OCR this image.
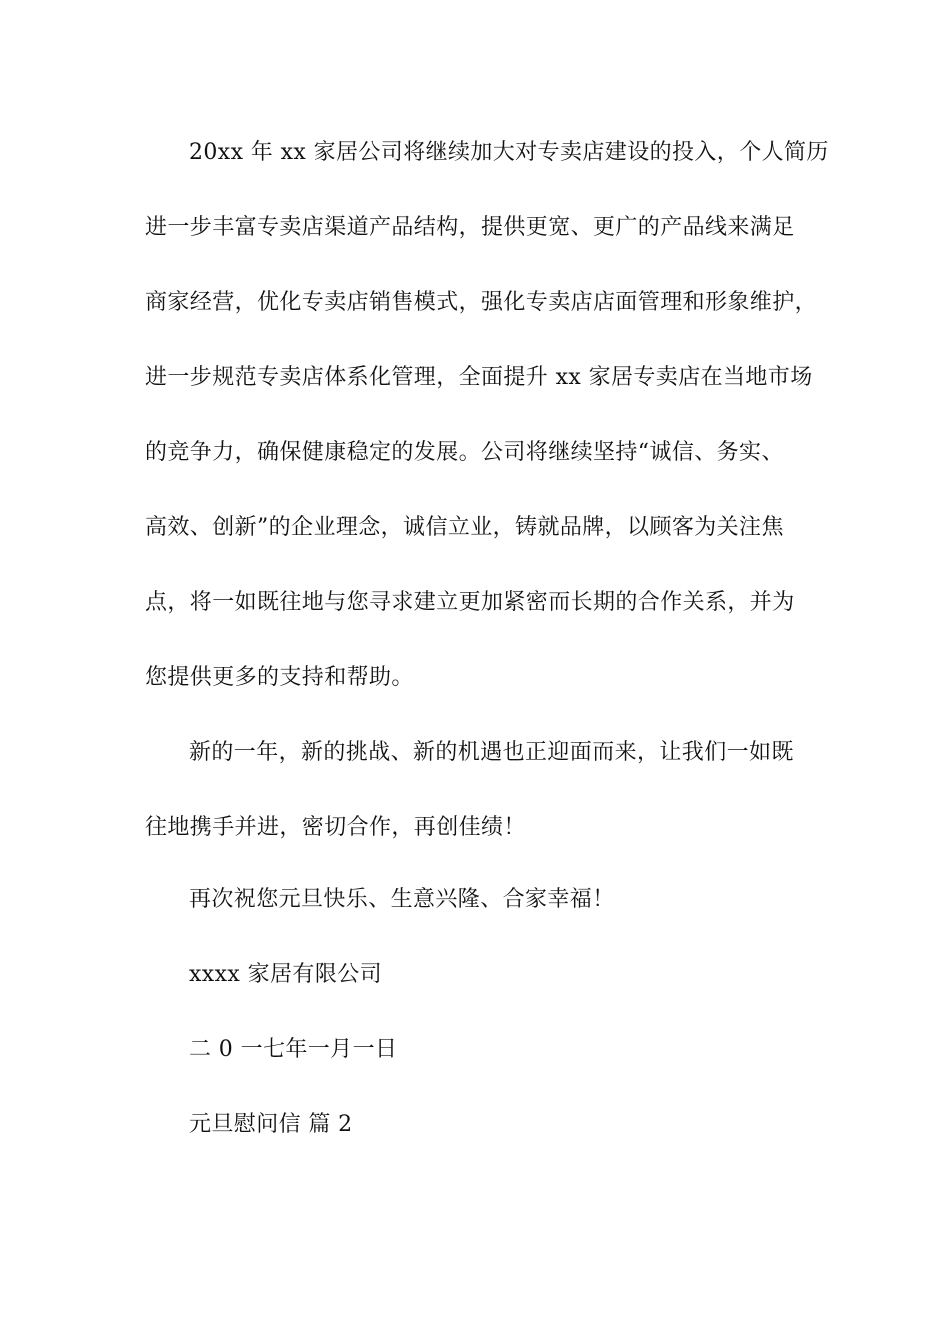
20xx 年 xx 家居公司将继续加大对专卖店建设的投入，个人简历
进一步丰富专卖店渠道产品结构，提供更宽、更广的产品线来满足
商家经营，优化专卖店销售模式，强化专卖店店面管理和形象维护，
进一步规范专卖店体系化管理，全面提升 xx 家居专卖店在当地市场
的竞争力，确保健康稳定的发展。公司将继续坚持“诚信、务实、
高效、创新”的企业理念，诚信立业，铸就品牌，以顾客为关注焦
点，将一如既往地与您寻求建立更加紧密而长期的合作关系，并为
您提供更多的支持和帮助。
新的一年，新的挑战、新的机遇也正迎面而来，让我们一如既
往地携手并进，密切合作，再创佳绩！
再次祝您元旦快乐、生意兴隆、合家幸福！
xxxx 家居有限公司
二 0 一七年一月一日
元旦慰问信 篇 2
